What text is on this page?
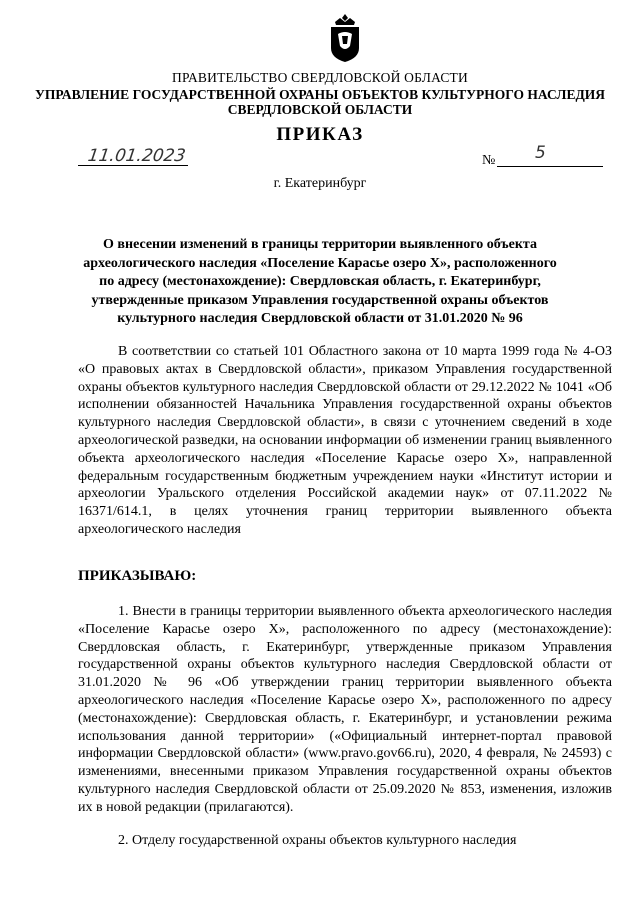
ПРАВИТЕЛЬСТВО СВЕРДЛОВСКОЙ ОБЛАСТИ
УПРАВЛЕНИЕ ГОСУДАРСТВЕННОЙ ОХРАНЫ ОБЪЕКТОВ КУЛЬТУРНОГО НАСЛЕДИЯ
СВЕРДЛОВСКОЙ ОБЛАСТИ
ПРИКАЗ
11.01.2023	№ 5
г. Екатеринбург
О внесении изменений в границы территории выявленного объекта
археологического наследия «Поселение Карасье озеро Х», расположенного
по адресу (местонахождение): Свердловская область, г. Екатеринбург,
утвержденные приказом Управления государственной охраны объектов
культурного наследия Свердловской области от 31.01.2020 № 96
В соответствии со статьей 101 Областного закона от 10 марта 1999 года № 4-ОЗ «О правовых актах в Свердловской области», приказом Управления государственной охраны объектов культурного наследия Свердловской области от 29.12.2022 № 1041 «Об исполнении обязанностей Начальника Управления государственной охраны объектов культурного наследия Свердловской области», в связи с уточнением сведений в ходе археологической разведки, на основании информации об изменении границ выявленного объекта археологического наследия «Поселение Карасье озеро Х», направленной федеральным государственным бюджетным учреждением науки «Институт истории и археологии Уральского отделения Российской академии наук» от 07.11.2022 № 16371/614.1, в целях уточнения границ территории выявленного объекта археологического наследия
ПРИКАЗЫВАЮ:
1. Внести в границы территории выявленного объекта археологического наследия «Поселение Карасье озеро Х», расположенного по адресу (местонахождение): Свердловская область, г. Екатеринбург, утвержденные приказом Управления государственной охраны объектов культурного наследия Свердловской области от 31.01.2020 № 96 «Об утверждении границ территории выявленного объекта археологического наследия «Поселение Карасье озеро Х», расположенного по адресу (местонахождение): Свердловская область, г. Екатеринбург, и установлении режима использования данной территории» («Официальный интернет-портал правовой информации Свердловской области» (www.pravo.gov66.ru), 2020, 4 февраля, № 24593) с изменениями, внесенными приказом Управления государственной охраны объектов культурного наследия Свердловской области от 25.09.2020 № 853, изменения, изложив их в новой редакции (прилагаются).
2. Отделу государственной охраны объектов культурного наследия
